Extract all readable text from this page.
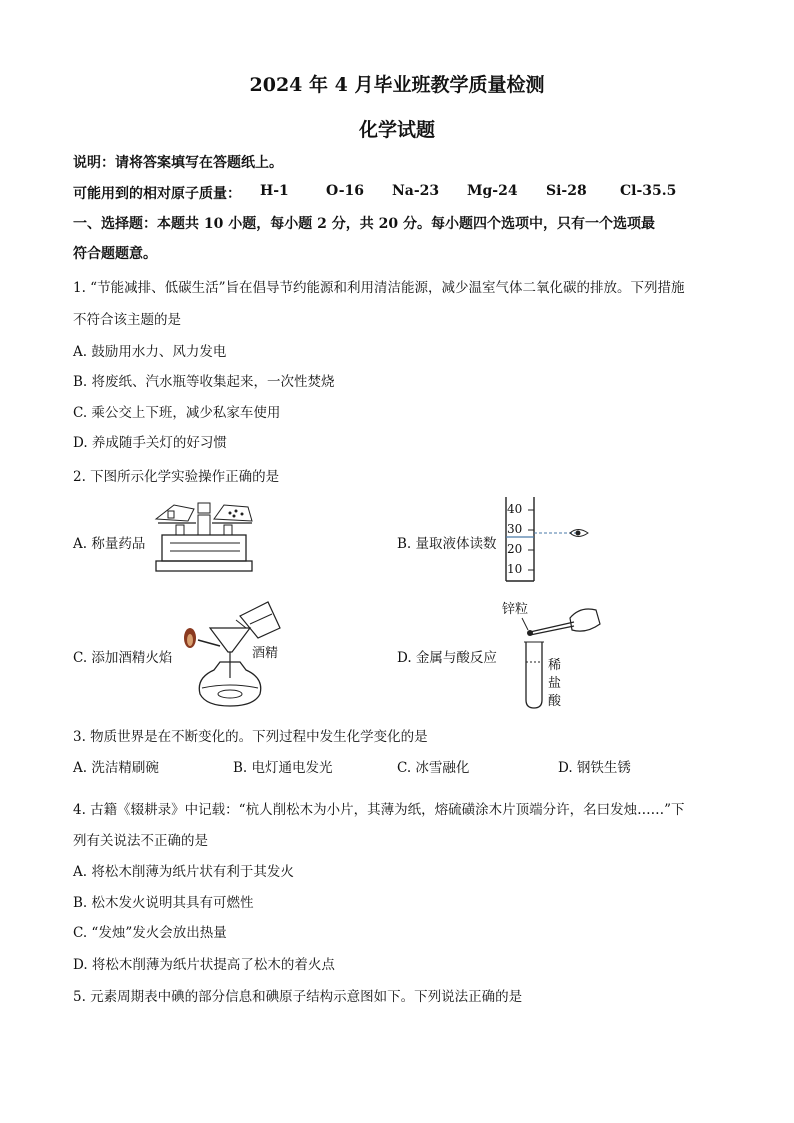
2024 年 4 月毕业班教学质量检测
化学试题
说明：请将答案填写在答题纸上。
可能用到的相对原子质量： H-1	O-16 Na-23 Mg-24 Si-28 Cl-35.5
一、选择题：本题共 10 小题，每小题 2 分，共 20 分。每小题四个选项中，只有一个选项最
符合题题意。
1. “节能减排、低碳生活”旨在倡导节约能源和利用清洁能源，减少温室气体二氧化碳的排放。下列措施
不符合该主题的是
A. 鼓励用水力、风力发电
B. 将废纸、汽水瓶等收集起来，一次性焚烧
C. 乘公交上下班，减少私家车使用
D. 养成随手关灯的好习惯
2. 下图所示化学实验操作正确的是
A. 称量药品	B. 量取液体读数
C. 添加酒精火焰	D. 金属与酸反应
40
30
20
10
酒精
锌粒
稀
盐
酸
3. 物质世界是在不断变化的。下列过程中发生化学变化的是
A. 洗洁精刷碗	B. 电灯通电发光	C. 冰雪融化	D. 钢铁生锈
4. 古籍《辍耕录》中记载：“杭人削松木为小片，其薄为纸，熔硫磺涂木片顶端分许，名曰发烛……”下
列有关说法不正确的是
A. 将松木削薄为纸片状有利于其发火
B. 松木发火说明其具有可燃性
C. “发烛”发火会放出热量
D. 将松木削薄为纸片状提高了松木的着火点
5. 元素周期表中碘的部分信息和碘原子结构示意图如下。下列说法正确的是
